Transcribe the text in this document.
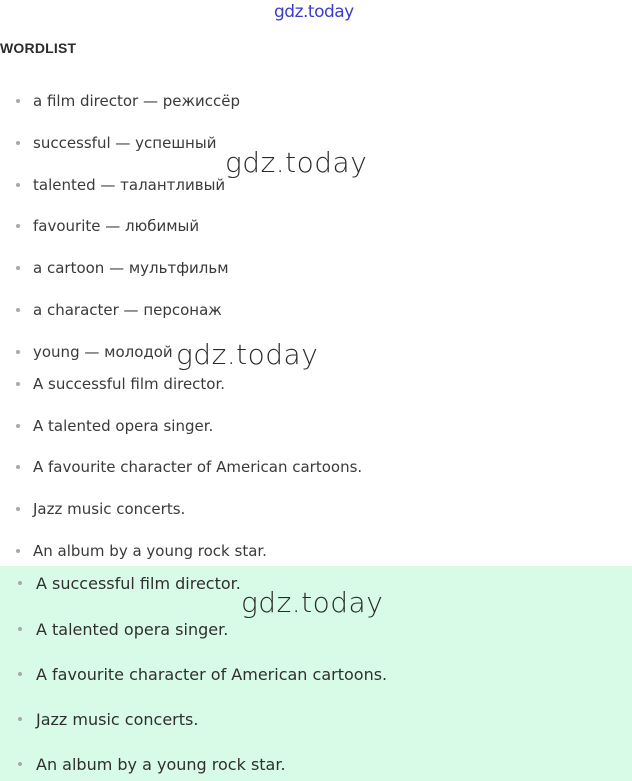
gdz.today
WORDLIST
a film director — режиссёр
successful — успешный
talented — талантливый
favourite — любимый
a cartoon — мультфильм
a character — персонаж
young — молодой
A successful film director.
A talented opera singer.
A favourite character of American cartoons.
Jazz music concerts.
An album by a young rock star.
A successful film director.
A talented opera singer.
A favourite character of American cartoons.
Jazz music concerts.
An album by a young rock star.
gdz.today
gdz.today
gdz.today
